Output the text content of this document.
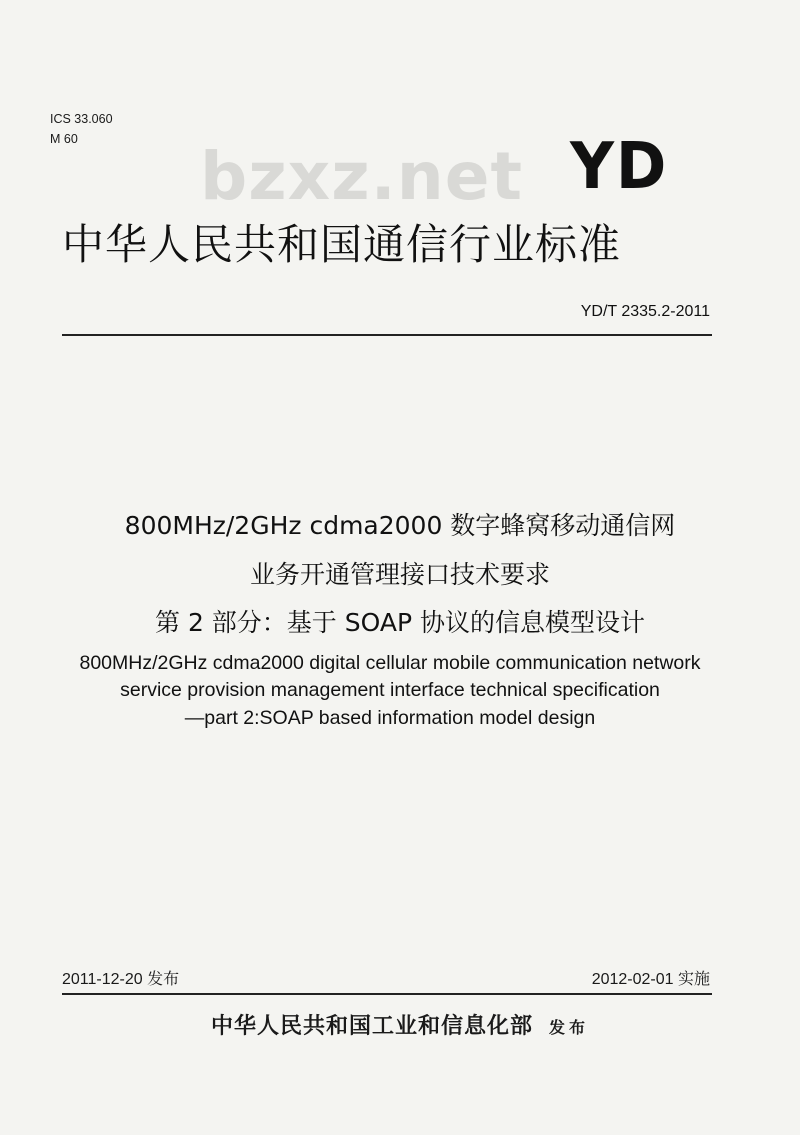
ICS 33.060
M 60	bzxz.net YD
中华人民共和国通信行业标准
YD/T 2335.2-2011
800MHz/2GHz cdma2000 数字蜂窝移动通信网
业务开通管理接口技术要求
第 2 部分：基于 SOAP 协议的信息模型设计
800MHz/2GHz cdma2000 digital cellular mobile communication network
service provision management interface technical specification
—part 2:SOAP based information model design
2011-12-20 发布	2012-02-01 实施
中华人民共和国工业和信息化部 发布
